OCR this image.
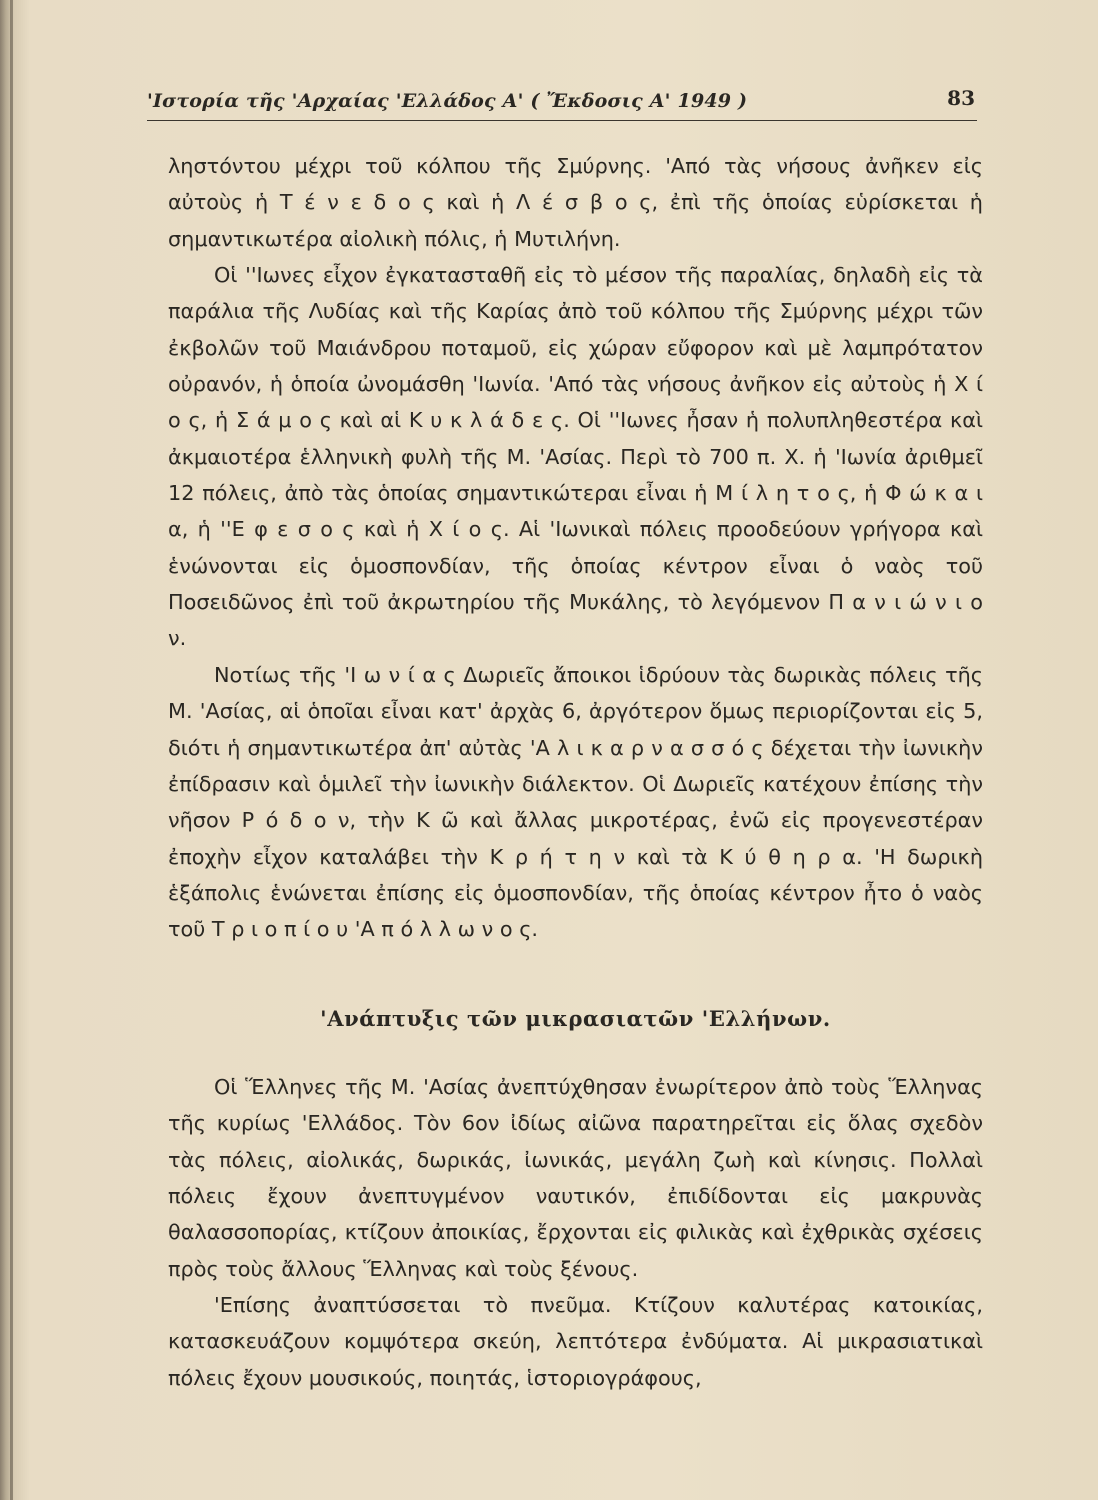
'Ιστορία τῆς 'Αρχαίας 'Ελλάδος Α' ( Ἔκδοσις Α' 1949 )	83

ληστόντου μέχρι τοῦ κόλπου τῆς Σμύρνης. 'Από τὰς νήσους ἀνῆκεν εἰς αὐτοὺς ἡ Τ έ ν ε δ ο ς καὶ ἡ Λ έ σ β ο ς, ἐπὶ τῆς ὁποίας εὑρίσκεται ἡ σημαντικωτέρα αἰολικὴ πόλις, ἡ Μυτιλήνη.

Οἱ ''Ιωνες εἶχον ἐγκατασταθῆ εἰς τὸ μέσον τῆς παραλίας, δηλαδὴ εἰς τὰ παράλια τῆς Λυδίας καὶ τῆς Καρίας ἀπὸ τοῦ κόλπου τῆς Σμύρνης μέχρι τῶν ἐκβολῶν τοῦ Μαιάνδρου ποταμοῦ, εἰς χώραν εὔφορον καὶ μὲ λαμπρότατον οὐρανόν, ἡ ὁποία ὠνομάσθη 'Ιωνία. 'Από τὰς νήσους ἀνῆκον εἰς αὐτοὺς ἡ Χ ί ο ς, ἡ Σ ά μ ο ς καὶ αἱ Κ υ κ λ ά δ ε ς. Οἱ ''Ιωνες ἦσαν ἡ πολυπληθεστέρα καὶ ἀκμαιοτέρα ἑλληνικὴ φυλὴ τῆς Μ. 'Ασίας. Περὶ τὸ 700 π. Χ. ἡ 'Ιωνία ἀριθμεῖ 12 πόλεις, ἀπὸ τὰς ὁποίας σημαντικώτεραι εἶναι ἡ Μ ί λ η τ ο ς, ἡ Φ ώ κ α ι α, ἡ ''Ε φ ε σ ο ς καὶ ἡ Χ ί ο ς. Αἱ 'Ιωνικαὶ πόλεις προοδεύουν γρήγορα καὶ ἑνώνονται εἰς ὁμοσπονδίαν, τῆς ὁποίας κέντρον εἶναι ὁ ναὸς τοῦ Ποσειδῶνος ἐπὶ τοῦ ἀκρωτηρίου τῆς Μυκάλης, τὸ λεγόμενον Π α ν ι ώ ν ι ο ν.

Νοτίως τῆς 'Ι ω ν ί α ς Δωριεῖς ἄποικοι ἱδρύουν τὰς δωρικὰς πόλεις τῆς Μ. 'Ασίας, αἱ ὁποῖαι εἶναι κατ' ἀρχὰς 6, ἀργότερον ὅμως περιορίζονται εἰς 5, διότι ἡ σημαντικωτέρα ἀπ' αὐτὰς 'Α λ ι κ α ρ ν α σ σ ό ς δέχεται τὴν ἰωνικὴν ἐπίδρασιν καὶ ὁμιλεῖ τὴν ἰωνικὴν διάλεκτον. Οἱ Δωριεῖς κατέχουν ἐπίσης τὴν νῆσον Ρ ό δ ο ν, τὴν Κ ῶ καὶ ἄλλας μικροτέρας, ἐνῶ εἰς προγενεστέραν ἐποχὴν εἶχον καταλάβει τὴν Κ ρ ή τ η ν καὶ τὰ Κ ύ θ η ρ α. 'Η δωρικὴ ἑξάπολις ἑνώνεται ἐπίσης εἰς ὁμοσπονδίαν, τῆς ὁποίας κέντρον ἦτο ὁ ναὸς τοῦ Τ ρ ι ο π ί ο υ 'Α π ό λ λ ω ν ο ς.

'Ανάπτυξις τῶν μικρασιατῶν 'Ελλήνων.

Οἱ Ἕλληνες τῆς Μ. 'Ασίας ἀνεπτύχθησαν ἐνωρίτερον ἀπὸ τοὺς Ἕλληνας τῆς κυρίως 'Ελλάδος. Τὸν 6ον ἰδίως αἰῶνα παρατηρεῖται εἰς ὅλας σχεδὸν τὰς πόλεις, αἰολικάς, δωρικάς, ἰωνικάς, μεγάλη ζωὴ καὶ κίνησις. Πολλαὶ πόλεις ἔχουν ἀνεπτυγμένον ναυτικόν, ἐπιδίδονται εἰς μακρυνὰς θαλασσοπορίας, κτίζουν ἀποικίας, ἔρχονται εἰς φιλικὰς καὶ ἐχθρικὰς σχέσεις πρὸς τοὺς ἄλλους Ἕλληνας καὶ τοὺς ξένους.

'Επίσης ἀναπτύσσεται τὸ πνεῦμα. Κτίζουν καλυτέρας κατοικίας, κατασκευάζουν κομψότερα σκεύη, λεπτότερα ἐνδύματα. Αἱ μικρασιατικαὶ πόλεις ἔχουν μουσικούς, ποιητάς, ἱστοριογράφους,
